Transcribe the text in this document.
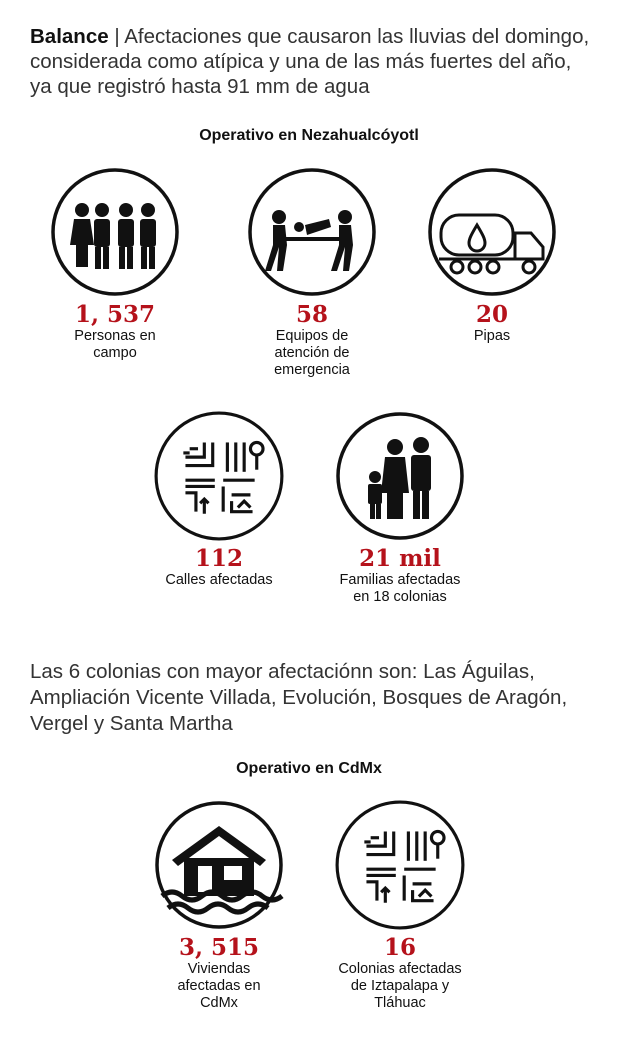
Balance | Afectaciones que causaron las lluvias del domingo, considerada como atípica y una de las más fuertes del año, ya que registró hasta 91 mm de agua
Operativo en Nezahualcóyotl
1, 537
Personas en campo
58
Equipos de atención de emergencia
20
Pipas
112
Calles afectadas
21 mil
Familias afectadas en 18 colonias
Las 6 colonias con mayor afectaciónn son: Las Águilas, Ampliación Vicente Villada, Evolución, Bosques de Aragón, Vergel y Santa Martha
Operativo en CdMx
3, 515
Viviendas afectadas en CdMx
16
Colonias afectadas de Iztapalapa y Tláhuac
